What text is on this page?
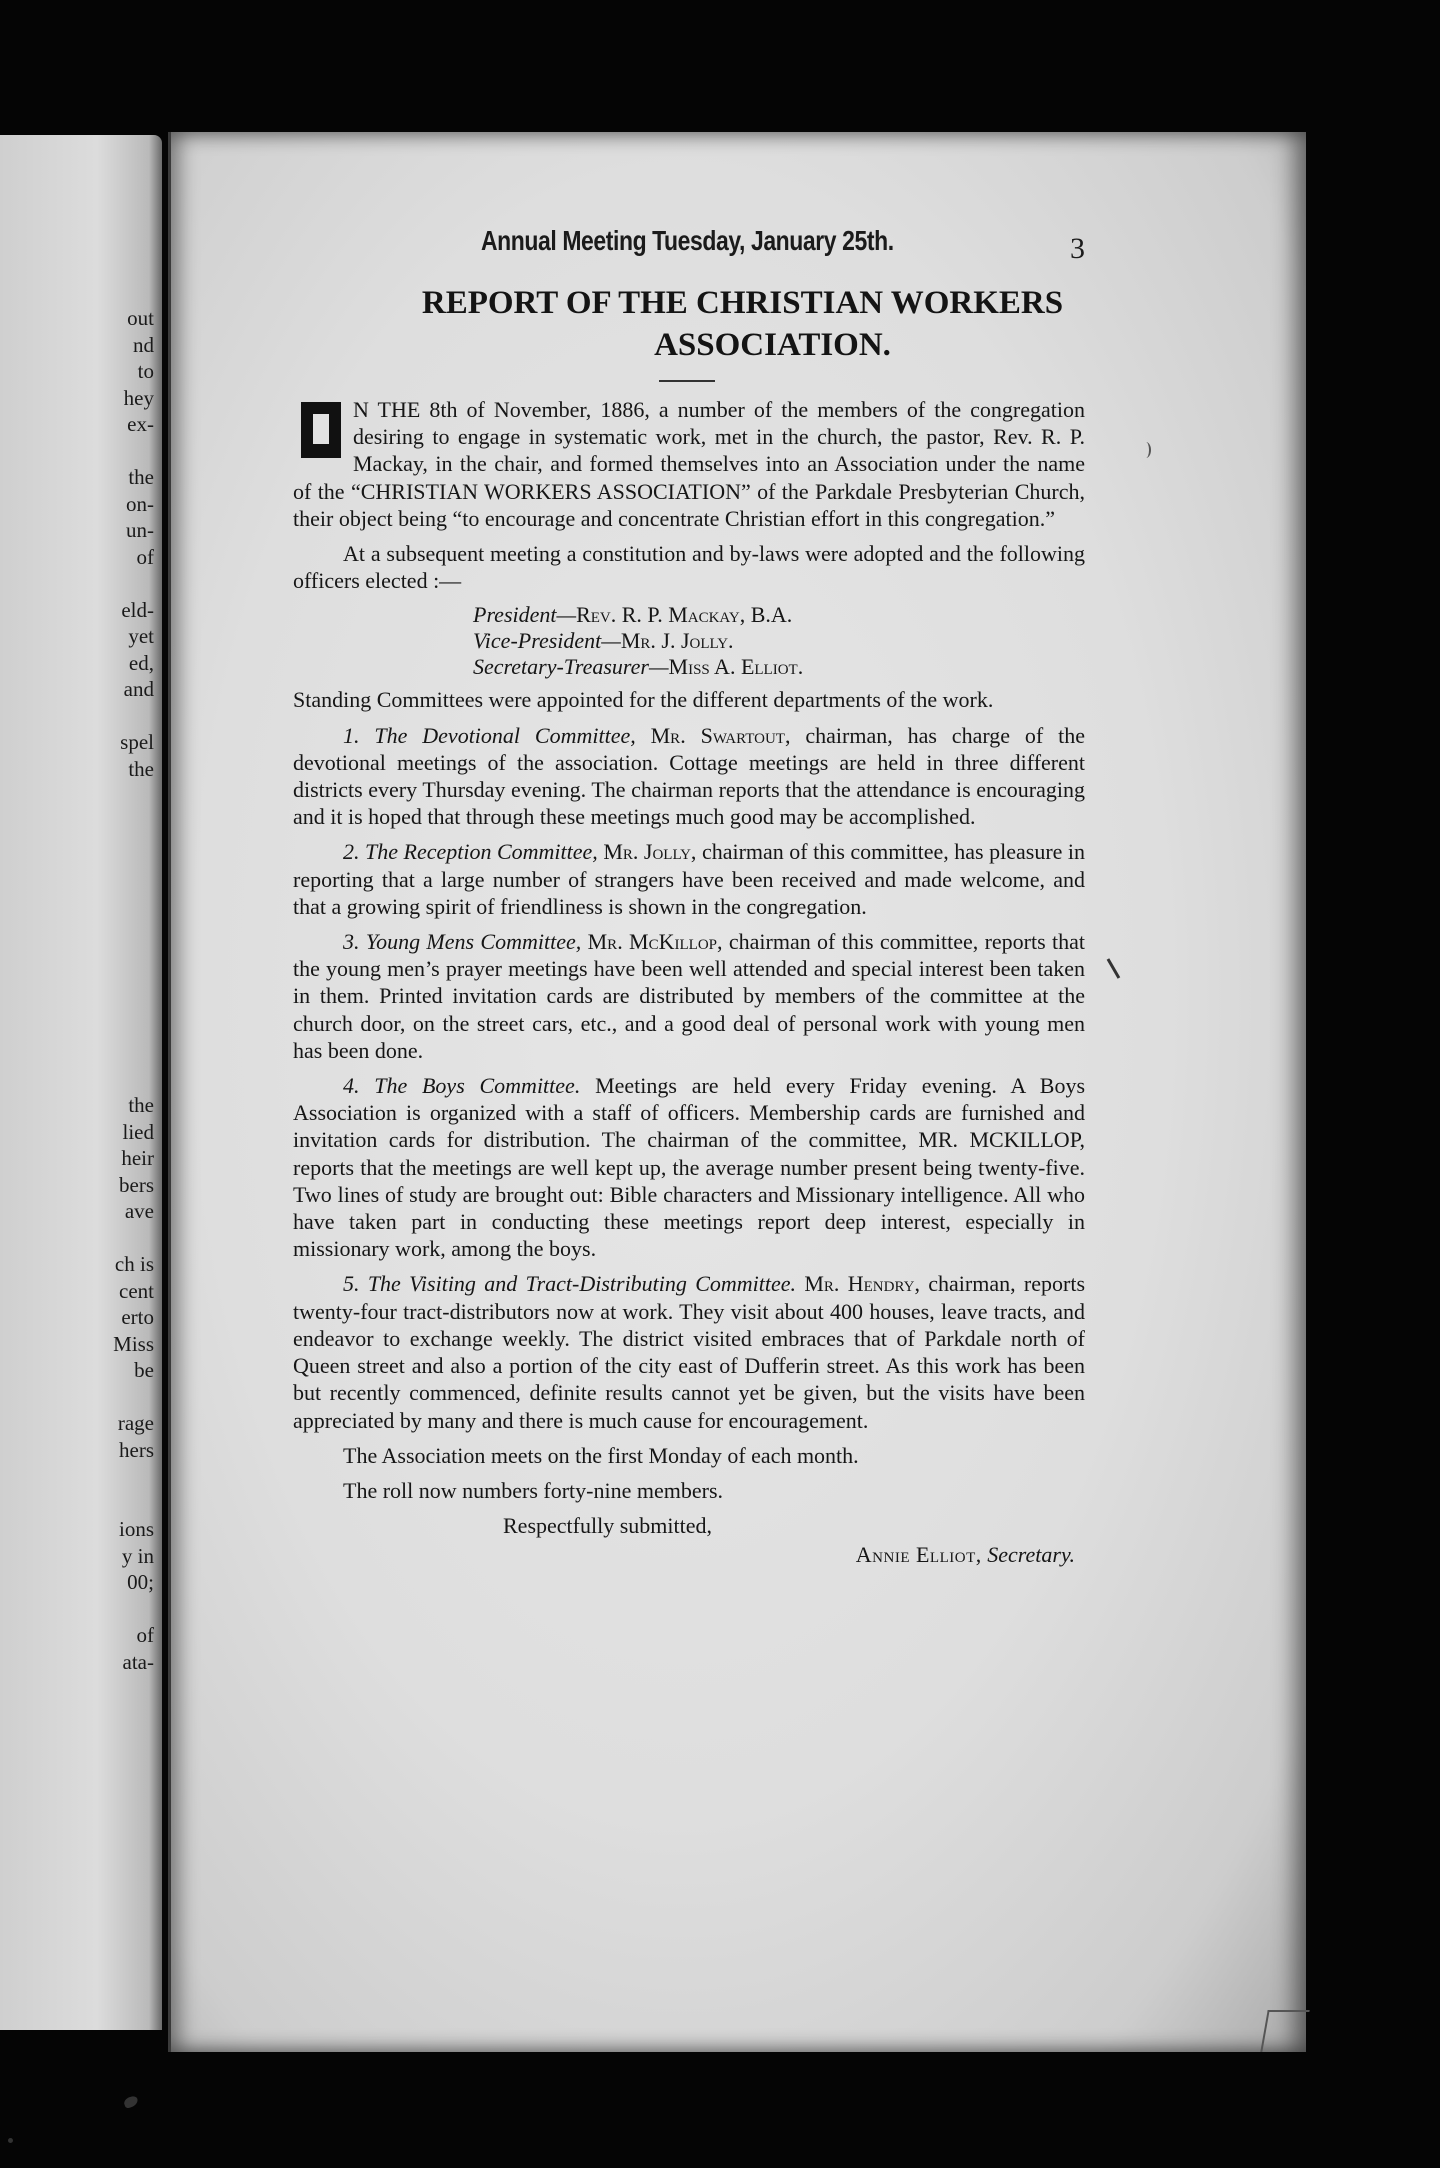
out
nd
to
hey
ex-
the
on-
un-
of
eld-
yet
ed,
and
spel
the
the
lied
heir
bers
ave
ch is
cent
erto
Miss
be
rage
hers
ions
y in
00;
of
ata-
Annual Meeting Tuesday, January 25th.	3
REPORT OF THE CHRISTIAN WORKERS
ASSOCIATION.

N THE 8th of November, 1886, a number of the members of the congregation desiring to engage in systematic work, met in the church, the pastor, Rev. R. P. Mackay, in the chair, and formed themselves into an Association under the name of the “CHRISTIAN WORKERS ASSOCIATION” of the Parkdale Presbyterian Church, their object being “to encourage and concentrate Christian effort in this congregation.”

At a subsequent meeting a constitution and by-laws were adopted and the following officers elected :—

President—Rev. R. P. Mackay, B.A.
Vice-President—Mr. J. Jolly.
Secretary-Treasurer—Miss A. Elliot.

Standing Committees were appointed for the different departments of the work.

1. The Devotional Committee, Mr. Swartout, chairman, has charge of the devotional meetings of the association. Cottage meetings are held in three different districts every Thursday evening. The chairman reports that the attendance is encouraging and it is hoped that through these meetings much good may be accomplished.

2. The Reception Committee, Mr. Jolly, chairman of this committee, has pleasure in reporting that a large number of strangers have been received and made welcome, and that a growing spirit of friendliness is shown in the congregation.

3. Young Mens Committee, Mr. McKillop, chairman of this committee, reports that the young men’s prayer meetings have been well attended and special interest been taken in them. Printed invitation cards are distributed by members of the committee at the church door, on the street cars, etc., and a good deal of personal work with young men has been done.

4. The Boys Committee. Meetings are held every Friday evening. A Boys Association is organized with a staff of officers. Membership cards are furnished and invitation cards for distribution. The chairman of the committee, MR. MCKILLOP, reports that the meetings are well kept up, the average number present being twenty-five. Two lines of study are brought out: Bible characters and Missionary intelligence. All who have taken part in conducting these meetings report deep interest, especially in missionary work, among the boys.

5. The Visiting and Tract-Distributing Committee. Mr. Hendry, chairman, reports twenty-four tract-distributors now at work. They visit about 400 houses, leave tracts, and endeavor to exchange weekly. The district visited embraces that of Parkdale north of Queen street and also a portion of the city east of Dufferin street. As this work has been but recently commenced, definite results cannot yet be given, but the visits have been appreciated by many and there is much cause for encouragement.

The Association meets on the first Monday of each month.

The roll now numbers forty-nine members.

Respectfully submitted,
Annie Elliot, Secretary.
